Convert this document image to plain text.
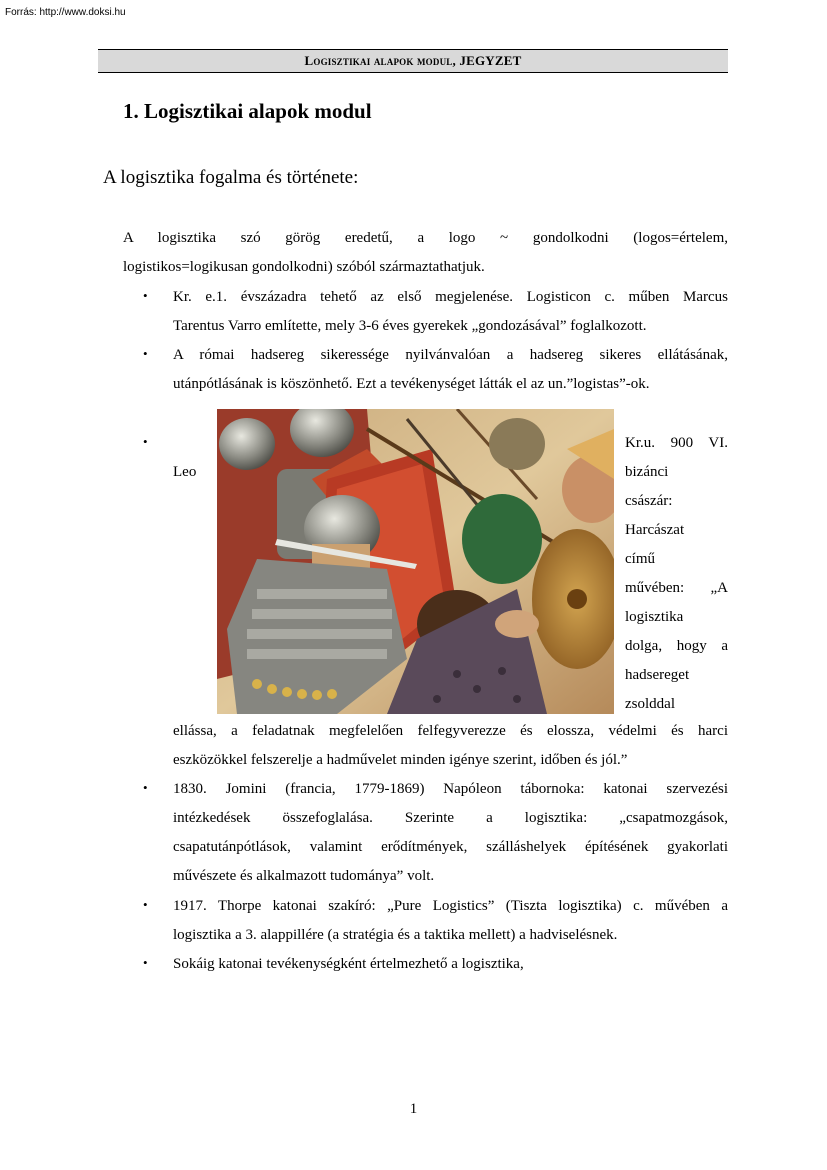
Forrás: http://www.doksi.hu
Logisztikai alapok modul , JEGYZET
1. Logisztikai alapok modul
A logisztika fogalma és története:
A logisztika szó görög eredetű, a logo ~ gondolkodni (logos=értelem,
logistikos=logikusan gondolkodni) szóból származtathatjuk.
• Kr. e.1. évszázadra tehető az első megjelenése. Logisticon c. műben Marcus
Tarentus Varro említette, mely 3-6 éves gyerekek „gondozásával” foglalkozott.
• A római hadsereg sikeressége nyilvánvalóan a hadsereg sikeres ellátásának,
utánpótlásának is köszönhető. Ezt a tevékenységet látták el az un.”logistas”-ok.
•
Leo
Kr.u. 900 VI.
bizánci
császár:
Harcászat
című
művében: „A
logisztika
dolga, hogy a
hadsereget
zsolddal
ellássa, a feladatnak megfelelően felfegyverezze és elossza, védelmi és harci
eszközökkel felszerelje a hadművelet minden igénye szerint, időben és jól.”
• 1830. Jomini (francia, 1779-1869) Napóleon tábornoka: katonai szervezési
intézkedések összefoglalása. Szerinte a logisztika: „csapatmozgások,
csapatutánpótlások, valamint erődítmények, szálláshelyek építésének gyakorlati
művészete és alkalmazott tudománya” volt.
• 1917. Thorpe katonai szakíró: „Pure Logistics” (Tiszta logisztika) c. művében a
logisztika a 3. alappillére (a stratégia és a taktika mellett) a hadviselésnek.
• Sokáig katonai tevékenységként értelmezhető a logisztika,
1
